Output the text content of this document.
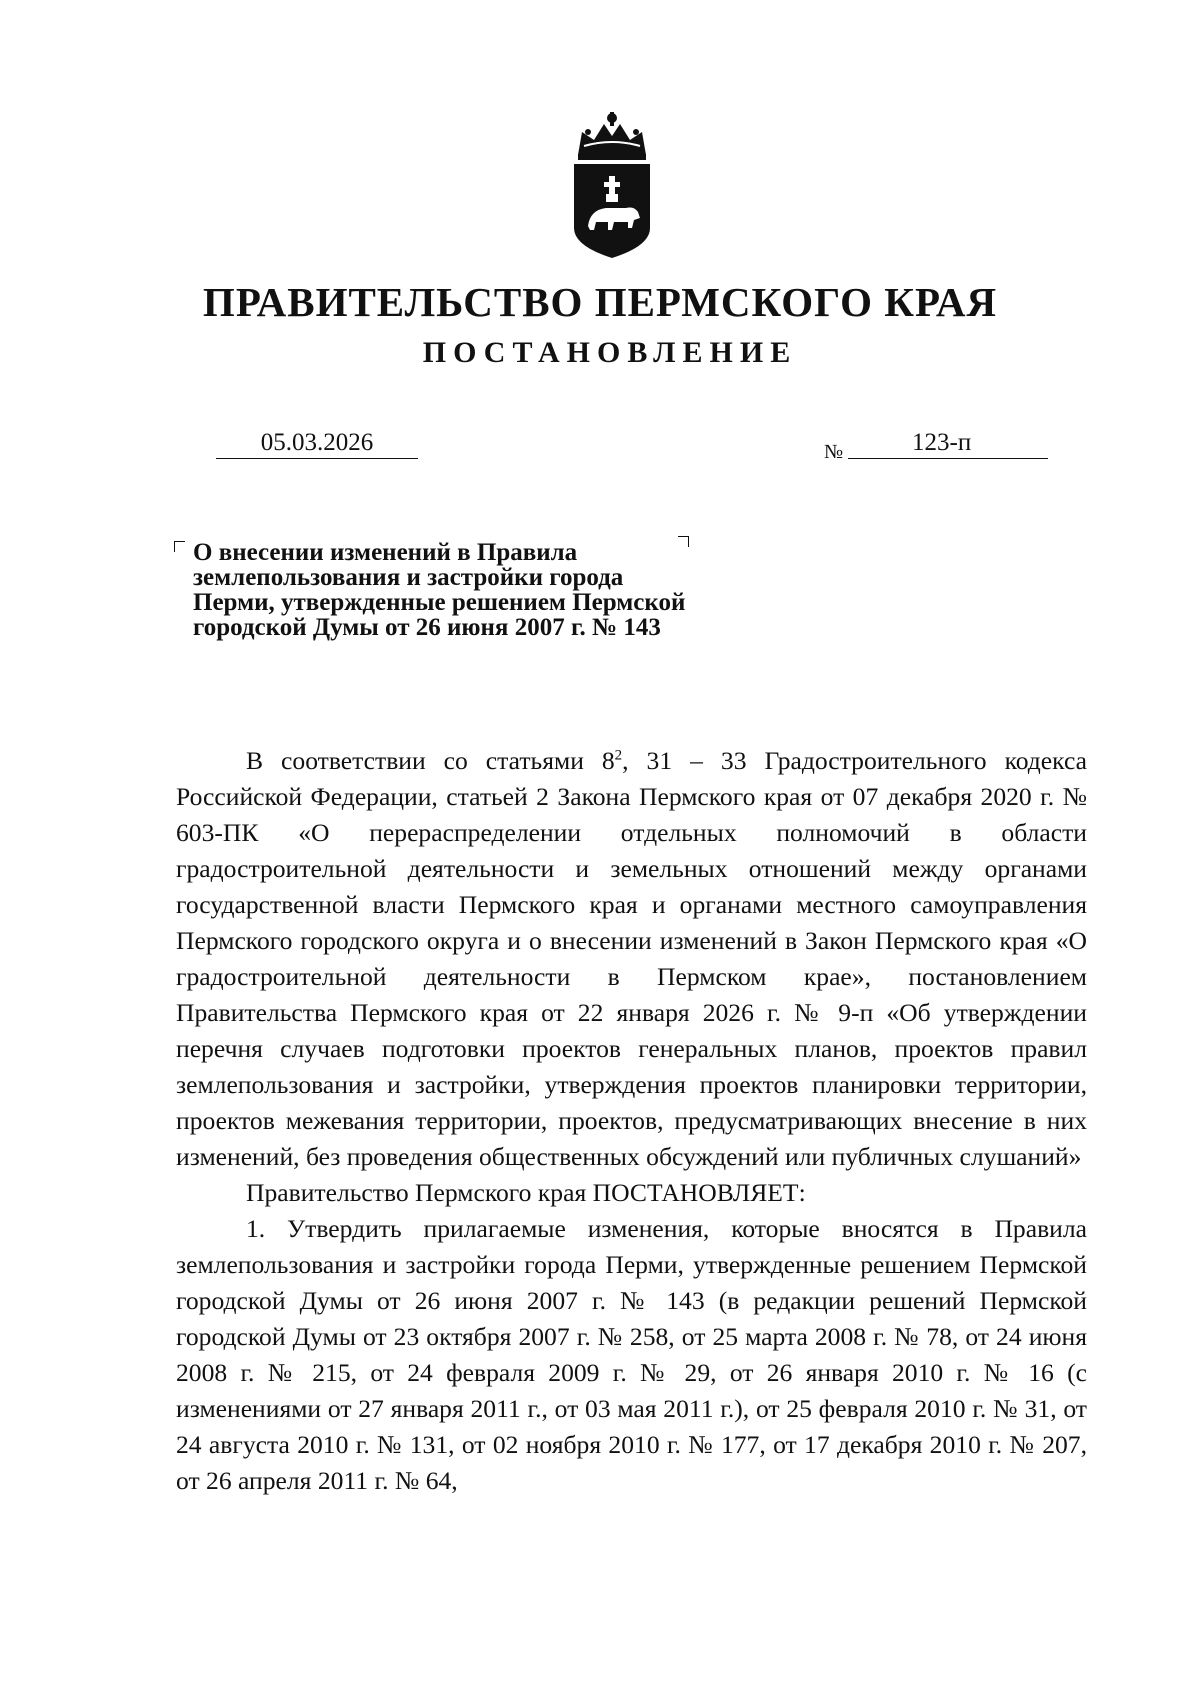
ПРАВИТЕЛЬСТВО ПЕРМСКОГО КРАЯ
ПОСТАНОВЛЕНИЕ
05.03.2026	№	123-п
О внесении изменений в Правила
землепользования и застройки города
Перми, утвержденные решением Пермской
городской Думы от 26 июня 2007 г. № 143

В соответствии со статьями $8^2$, 31 – 33 Градостроительного кодекса Российской Федерации, статьей 2 Закона Пермского края от 07 декабря 2020 г. № 603-ПК «О перераспределении отдельных полномочий в области градостроительной деятельности и земельных отношений между органами государственной власти Пермского края и органами местного самоуправления Пермского городского округа и о внесении изменений в Закон Пермского края «О градостроительной деятельности в Пермском крае», постановлением Правительства Пермского края от 22 января 2026 г. № 9-п «Об утверждении перечня случаев подготовки проектов генеральных планов, проектов правил землепользования и застройки, утверждения проектов планировки территории, проектов межевания территории, проектов, предусматривающих внесение в них изменений, без проведения общественных обсуждений или публичных слушаний»

Правительство Пермского края ПОСТАНОВЛЯЕТ:

1. Утвердить прилагаемые изменения, которые вносятся в Правила землепользования и застройки города Перми, утвержденные решением Пермской городской Думы от 26 июня 2007 г. № 143 (в редакции решений Пермской городской Думы от 23 октября 2007 г. № 258, от 25 марта 2008 г. № 78, от 24 июня 2008 г. № 215, от 24 февраля 2009 г. № 29, от 26 января 2010 г. № 16 (с изменениями от 27 января 2011 г., от 03 мая 2011 г.), от 25 февраля 2010 г. № 31, от 24 августа 2010 г. № 131, от 02 ноября 2010 г. № 177, от 17 декабря 2010 г. № 207, от 26 апреля 2011 г. № 64,
